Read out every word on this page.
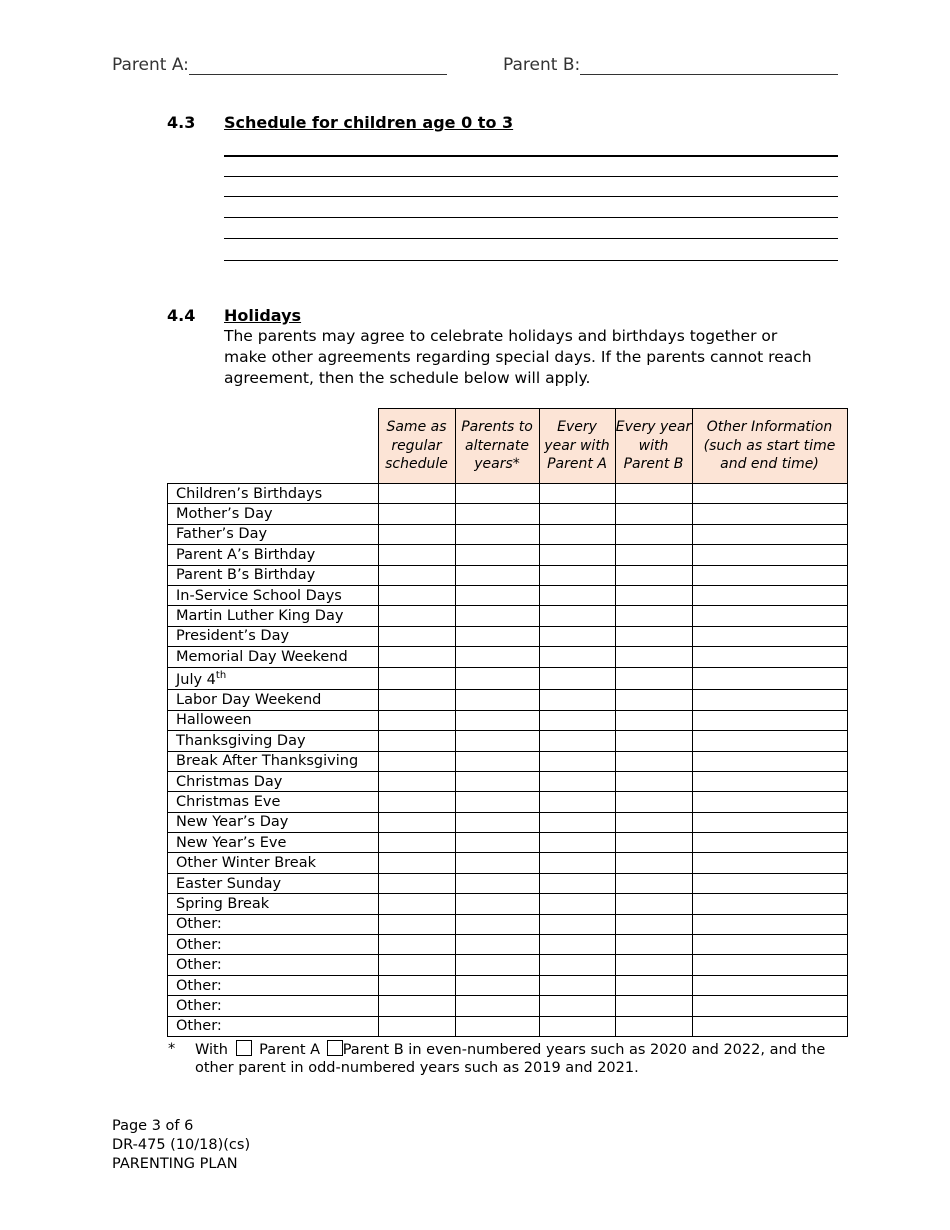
Parent A:	Parent B:
4.3 Schedule for children age 0 to 3
4.4 Holidays
The parents may agree to celebrate holidays and birthdays together or make other agreements regarding special days. If the parents cannot reach agreement, then the schedule below will apply.
	Same as regular schedule	Parents to alternate years*	Every year with Parent A	Every year with Parent B	Other Information (such as start time and end time)
Children’s Birthdays					
Mother’s Day					
Father’s Day					
Parent A’s Birthday					
Parent B’s Birthday					
In-Service School Days					
Martin Luther King Day					
President’s Day					
Memorial Day Weekend					
July 4th					
Labor Day Weekend					
Halloween					
Thanksgiving Day					
Break After Thanksgiving					
Christmas Day					
Christmas Eve					
New Year’s Day					
New Year’s Eve					
Other Winter Break					
Easter Sunday					
Spring Break					
Other:					
Other:					
Other:					
Other:					
Other:					
Other:					
* With Parent A Parent B in even-numbered years such as 2020 and 2022, and the
other parent in odd-numbered years such as 2019 and 2021.
Page 3 of 6
DR-475 (10/18)(cs)
PARENTING PLAN
